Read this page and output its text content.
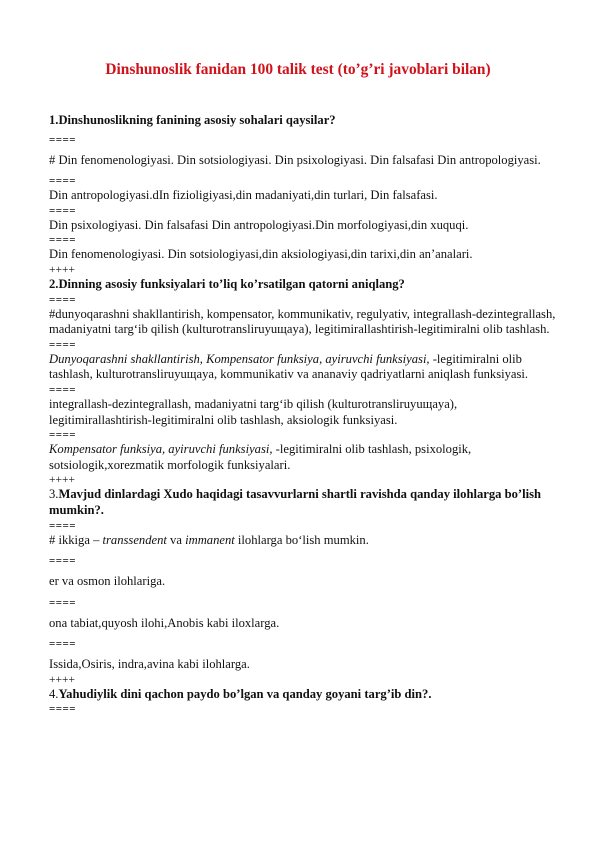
Dinshunoslik fanidan 100 talik test (to’g’ri javoblari bilan)
1.Dinshunoslikning fanining asosiy sohalari qaysilar?
====
# Din fenomenologiyasi. Din sotsiologiyasi. Din psixologiyasi. Din falsafasi Din antropologiyasi.
====
Din antropologiyasi.dIn fizioligiyasi,din madaniyati,din turlari, Din falsafasi.
====
Din psixologiyasi. Din falsafasi Din antropologiyasi.Din morfologiyasi,din xuquqi.
====
Din fenomenologiyasi. Din sotsiologiyasi,din aksiologiyasi,din tarixi,din an’analari.
++++
2.Dinning asosiy funksiyalari to’liq ko’rsatilgan qatorni aniqlang?
====
#dunyoqarashni shakllantirish, kompensator, kommunikativ, regulyativ, integrallash-dezintegrallash, madaniyatni targ‘ib qilish (kulturotransliruyuщaya), legitimirallashtirish-legitimiralni olib tashlash.
====
Dunyoqarashni shakllantirish, Kompensator funksiya, ayiruvchi funksiyasi, -legitimiralni olib tashlash, kulturotransliruyuщaya, kommunikativ va ananaviy qadriyatlarni aniqlash funksiyasi.
====
integrallash-dezintegrallash, madaniyatni targ‘ib qilish (kulturotransliruyuщaya), legitimirallashtirish-legitimiralni olib tashlash, aksiologik funksiyasi.
====
Kompensator funksiya, ayiruvchi funksiyasi, -legitimiralni olib tashlash, psixologik, sotsiologik,xorezmatik morfologik funksiyalari.
++++
3.Mavjud dinlardagi Xudo haqidagi tasavvurlarni shartli ravishda qanday ilohlarga bo’lish mumkin?.
====
# ikkiga – transsendent va immanent ilohlarga bo‘lish mumkin.
====
er va osmon ilohlariga.
====
ona tabiat,quyosh ilohi,Anobis kabi iloxlarga.
====
Issida,Osiris, indra,avina kabi ilohlarga.
++++
4.Yahudiylik dini qachon paydo bo’lgan va qanday goyani targ’ib din?.
====
